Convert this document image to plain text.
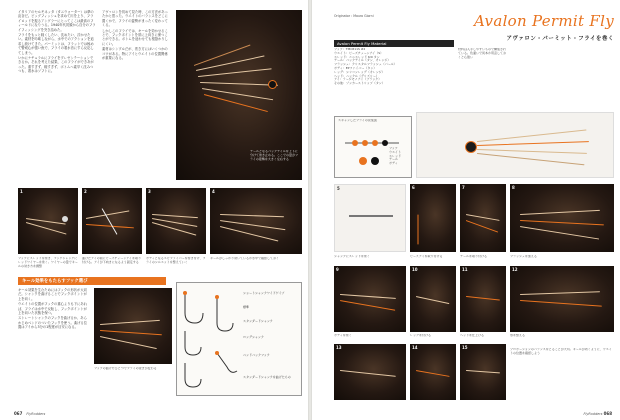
イタリアのセルモネッタ（タニウォーター）は夢の渓谷だ。ビッグフィッシュを求めて川を上り、フライロッドを振るアングラーにとってここは最高のフィールドになりうる。1940年代初頭から自分のフライフィッシングを突き詰めた。

フライをもっと軽くしたい、沈めたい、浮かせたい。素材を吟味しながら、水中でのアクションを追求し続けてきた。パーミットは、フラットでは極めて警戒心が強い魚で、フライの着水音にすら反応してしまう。

いかにナチュラルにフライをプレゼンテーションできるか。それを考えた結果、このフライができあがった。重すぎず、軽すぎず、ボトムへ素早く沈みつつも、着水はソフトに。

アヴァロンを初めて見た時、この方法があったかと思った。ウエイトのバランスをどこに置くかで、フライの姿勢がまったく変わってくる。

しかしこのフライでは、キールを効かせることで、フックポイントを常に上向きに保つことができる。ボトムを這わせても根掛かりしにくい。

素材はシンプルだが、巻き方にはいくつかのコツがある。特にアイとウエイトの位置関係が重要になる。

テールとなるバックテイルを上下に分けて巻き止める。ここでの量がフライの姿勢を大きく左右する
1	2	3	4
フックにスレッドを巻き、フックシャンクにレッドワイヤーを巻く。ワイヤーの量でキールの効き方を調整
曲げたアイの前にビーズチェーンアイを取り付ける。アイが下向きになるよう固定する
ボディとなるエピファイバーを巻き付け、フライのシルエットを整えていく
キールがしっかり効いているか水中で確認しておく
キール効果をもたらすフック選び

キール効果を生むためにはフックの形状が大切だ。シャンクを曲げることでフックポイントが上を向く。

ウエイトの位置がフックの重心よりも下にあれば、フライは水中で反転し、フックポイントが上を向いた状態を保つ。

ストレートシャンクのフックを曲げるか、あらかじめベンドのついたフックを使う。曲げる位置はアイから3分の1程度が目安になる。

フックの曲げ方ひとつでフライの泳ぎが変わる
ショートシャンクワイドゲイプ
標準
スタンダードシャンク
ロングシャンク
ベンドバックフック
スタンダードシャンクを曲げたもの
067 FlyRodders
Originator : Mauro Giorni	Avalon Permit Fly
アヴァロン・パーミット・フライを巻く
Avalon Permit Fly Material
フック：TMC811S #2
ウエイト：ビーズチェーンアイ（S）
スレッド：ユニスレッド 6/0 タン
テール：バックテイル（タン、オレンジ）
フラッシュ：クリスタルフラッシュ（パール）
ボディ：EPファイバー（タン）
レッグ：シリコンレッグ（オレンジ）
ヘッド：ハックル（グリズリー）
アイ：ラージモノアイ（ブラック）
その他：ゾンカーストリップ（タン）
材料は入手しやすいもので構成されている。色違いで何本か用意しておくと心強い
スキャンしたフライの完成図
フック
ウエイト
スレッド
テール
ボディ
5	6	7	8
シャンクにスレッドを巻く	ビーズアイを取り付ける	テールを取り付ける	フラッシュを加える
9	10	11	12
ボディを巻く	レッグを付ける	ヘッドを仕上げる	形を整える
13	14	15	プロポーションのバランスをとることが大切。キールが効くように、ウエイトの位置を確認しよう
FlyRodders 068
